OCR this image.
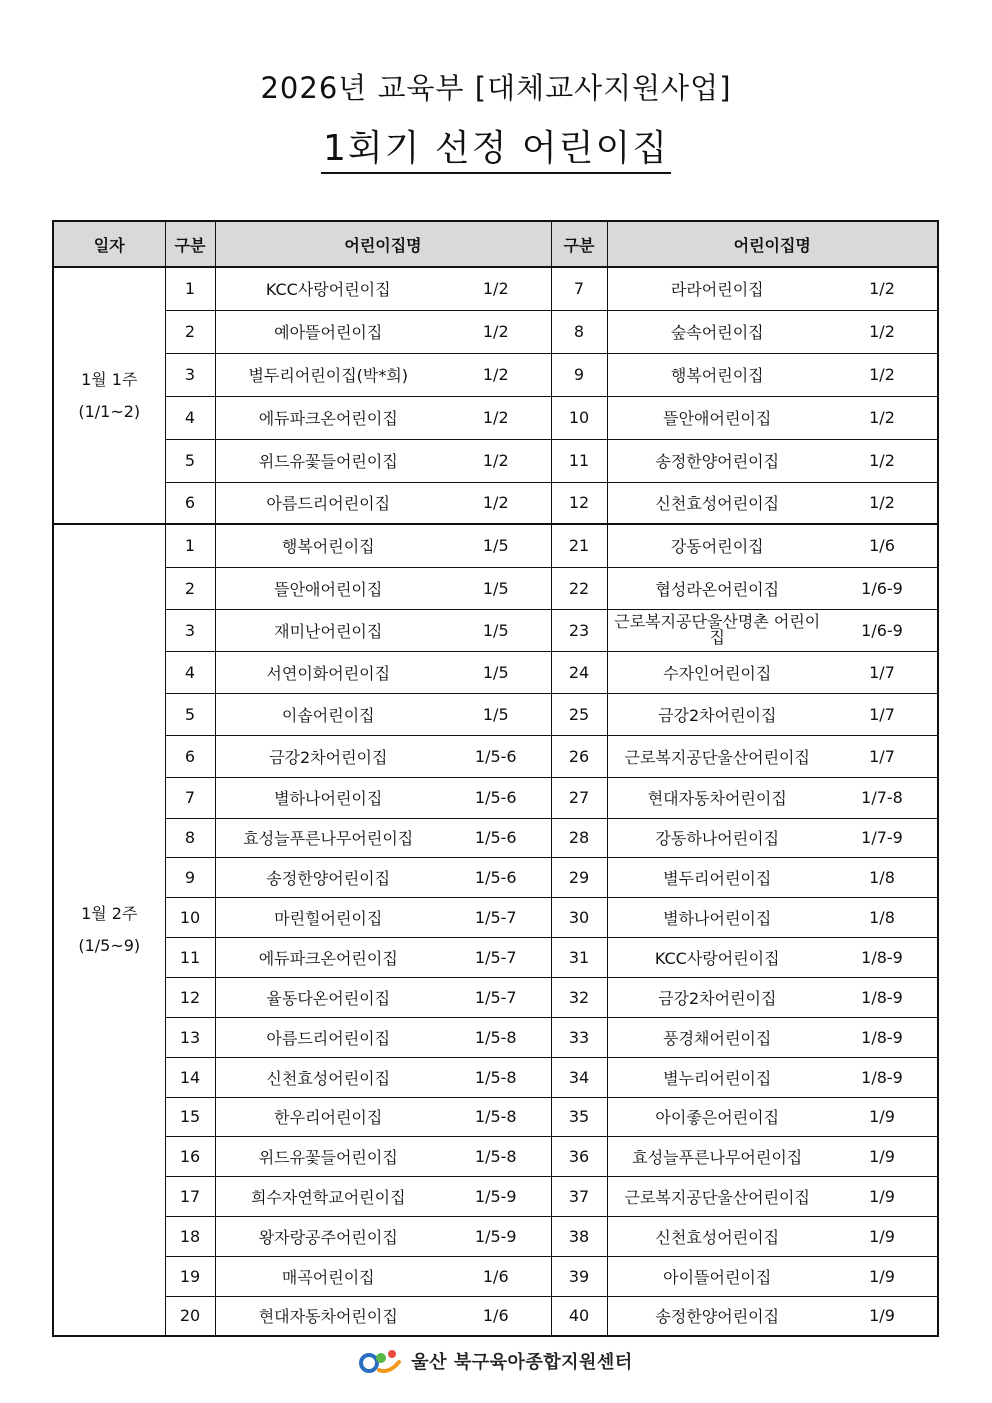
2026년 교육부 [대체교사지원사업]
1회기 선정 어린이집
일자	구분	어린이집명		구분	어린이집명	

1월 1주
(1/1~2)	1	KCC사랑어린이집	1/2	7	라라어린이집	1/2
	2	예아뜰어린이집	1/2	8	숲속어린이집	1/2
	3	별두리어린이집(박*희)	1/2	9	행복어린이집	1/2
	4	에듀파크온어린이집	1/2	10	뜰안애어린이집	1/2
	5	위드유꽃들어린이집	1/2	11	송정한양어린이집	1/2
	6	아름드리어린이집	1/2	12	신천효성어린이집	1/2

1월 2주
(1/5~9)	1	행복어린이집	1/5	21	강동어린이집	1/6
	2	뜰안애어린이집	1/5	22	협성라온어린이집	1/6-9
	3	재미난어린이집	1/5	23	근로복지공단울산명촌 어린이집	1/6-9
	4	서연이화어린이집	1/5	24	수자인어린이집	1/7
	5	이솝어린이집	1/5	25	금강2차어린이집	1/7
	6	금강2차어린이집	1/5-6	26	근로복지공단울산어린이집	1/7
	7	별하나어린이집	1/5-6	27	현대자동차어린이집	1/7-8
	8	효성늘푸른나무어린이집	1/5-6	28	강동하나어린이집	1/7-9
	9	송정한양어린이집	1/5-6	29	별두리어린이집	1/8
	10	마린힐어린이집	1/5-7	30	별하나어린이집	1/8
	11	에듀파크온어린이집	1/5-7	31	KCC사랑어린이집	1/8-9
	12	율동다온어린이집	1/5-7	32	금강2차어린이집	1/8-9
	13	아름드리어린이집	1/5-8	33	풍경채어린이집	1/8-9
	14	신천효성어린이집	1/5-8	34	별누리어린이집	1/8-9
	15	한우리어린이집	1/5-8	35	아이좋은어린이집	1/9
	16	위드유꽃들어린이집	1/5-8	36	효성늘푸른나무어린이집	1/9
	17	희수자연학교어린이집	1/5-9	37	근로복지공단울산어린이집	1/9
	18	왕자랑공주어린이집	1/5-9	38	신천효성어린이집	1/9
	19	매곡어린이집	1/6	39	아이뜰어린이집	1/9
	20	현대자동차어린이집	1/6	40	송정한양어린이집	1/9
울산 북구육아종합지원센터
